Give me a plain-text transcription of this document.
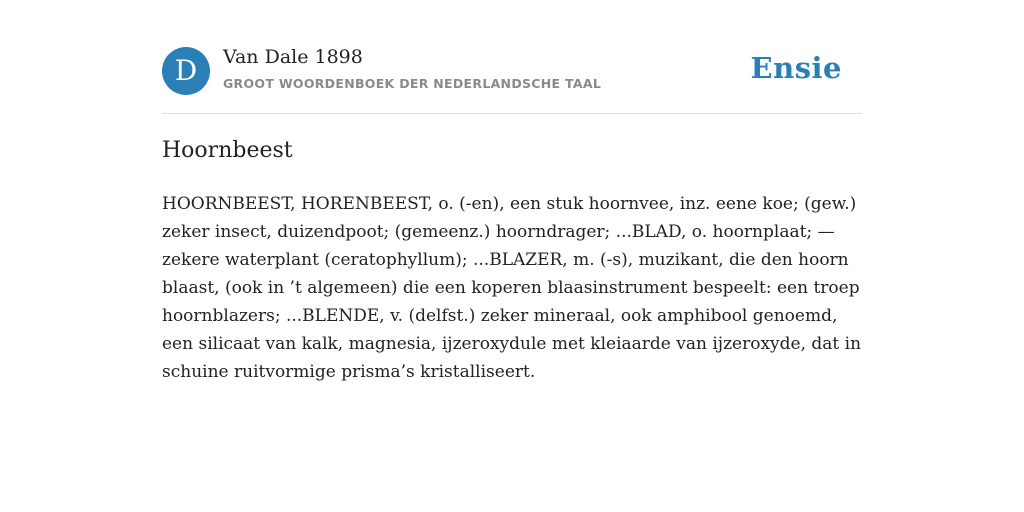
D	Van Dale 1898
GROOT WOORDENBOEK DER NEDERLANDSCHE TAAL	Ensie
Hoornbeest
HOORNBEEST, HORENBEEST, o. (-en), een stuk hoornvee, inz. eene koe; (gew.)
zeker insect, duizendpoot; (gemeenz.) hoorndrager; ...BLAD, o. hoornplaat; —
zekere waterplant (ceratophyllum); ...BLAZER, m. (-s), muzikant, die den hoorn
blaast, (ook in ’t algemeen) die een koperen blaasinstrument bespeelt: een troep
hoornblazers; ...BLENDE, v. (delfst.) zeker mineraal, ook amphibool genoemd,
een silicaat van kalk, magnesia, ijzeroxydule met kleiaarde van ijzeroxyde, dat in
schuine ruitvormige prisma’s kristalliseert.
